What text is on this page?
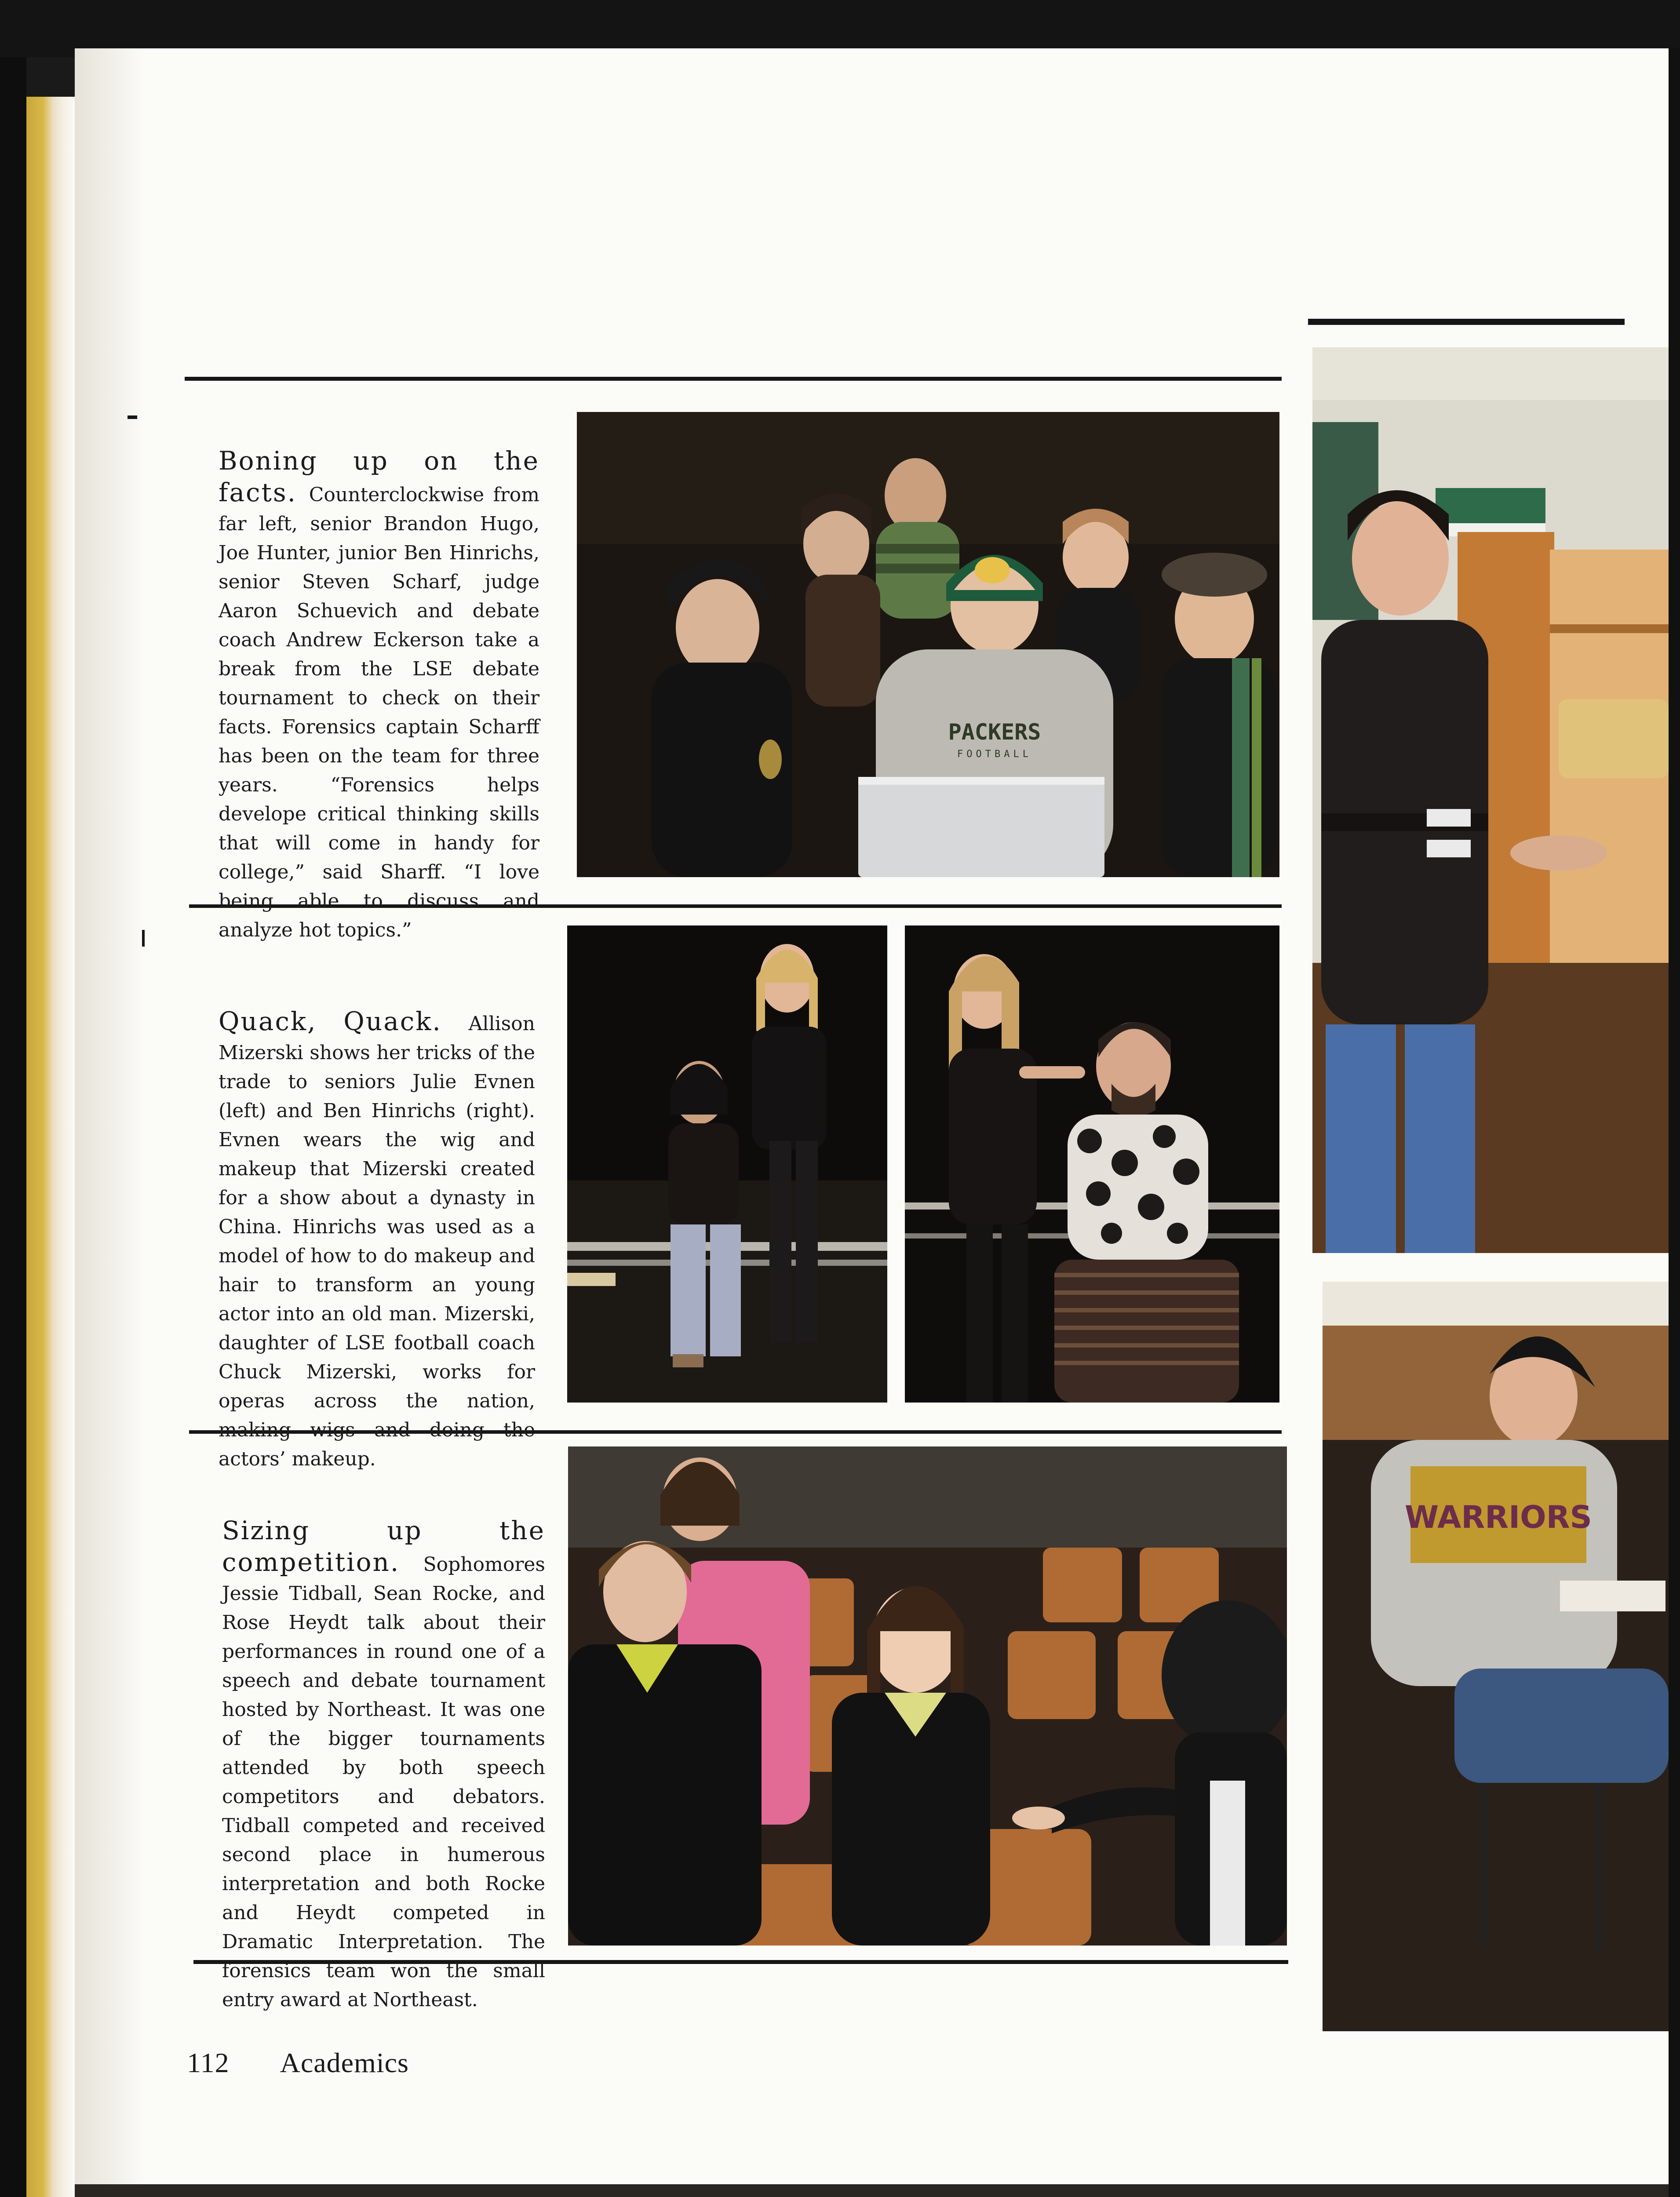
Boning up on the facts. Counterclockwise from far left, senior Brandon Hugo, Joe Hunter, junior Ben Hinrichs, senior Steven Scharf, judge Aaron Schuevich and debate coach Andrew Eckerson take a break from the LSE debate tournament to check on their facts. Forensics captain Scharff has been on the team for three years. “Forensics helps develope critical thinking skills that will come in handy for college,” said Sharff. “I love being able to discuss and analyze hot topics.”
Quack, Quack. Allison Mizerski shows her tricks of the trade to seniors Julie Evnen (left) and Ben Hinrichs (right). Evnen wears the wig and makeup that Mizerski created for a show about a dynasty in China. Hinrichs was used as a model of how to do makeup and hair to transform an young actor into an old man. Mizerski, daughter of LSE football coach Chuck Mizerski, works for operas across the nation, making wigs and doing the actors’ makeup.
Sizing up the competition. Sophomores Jessie Tidball, Sean Rocke, and Rose Heydt talk about their performances in round one of a speech and debate tournament hosted by Northeast. It was one of the bigger tournaments attended by both speech competitors and debators. Tidball competed and received second place in humerous interpretation and both Rocke and Heydt competed in Dramatic Interpretation. The forensics team won the small entry award at Northeast.
PACKERS
FOOTBALL
WARRIORS
112 Academics
